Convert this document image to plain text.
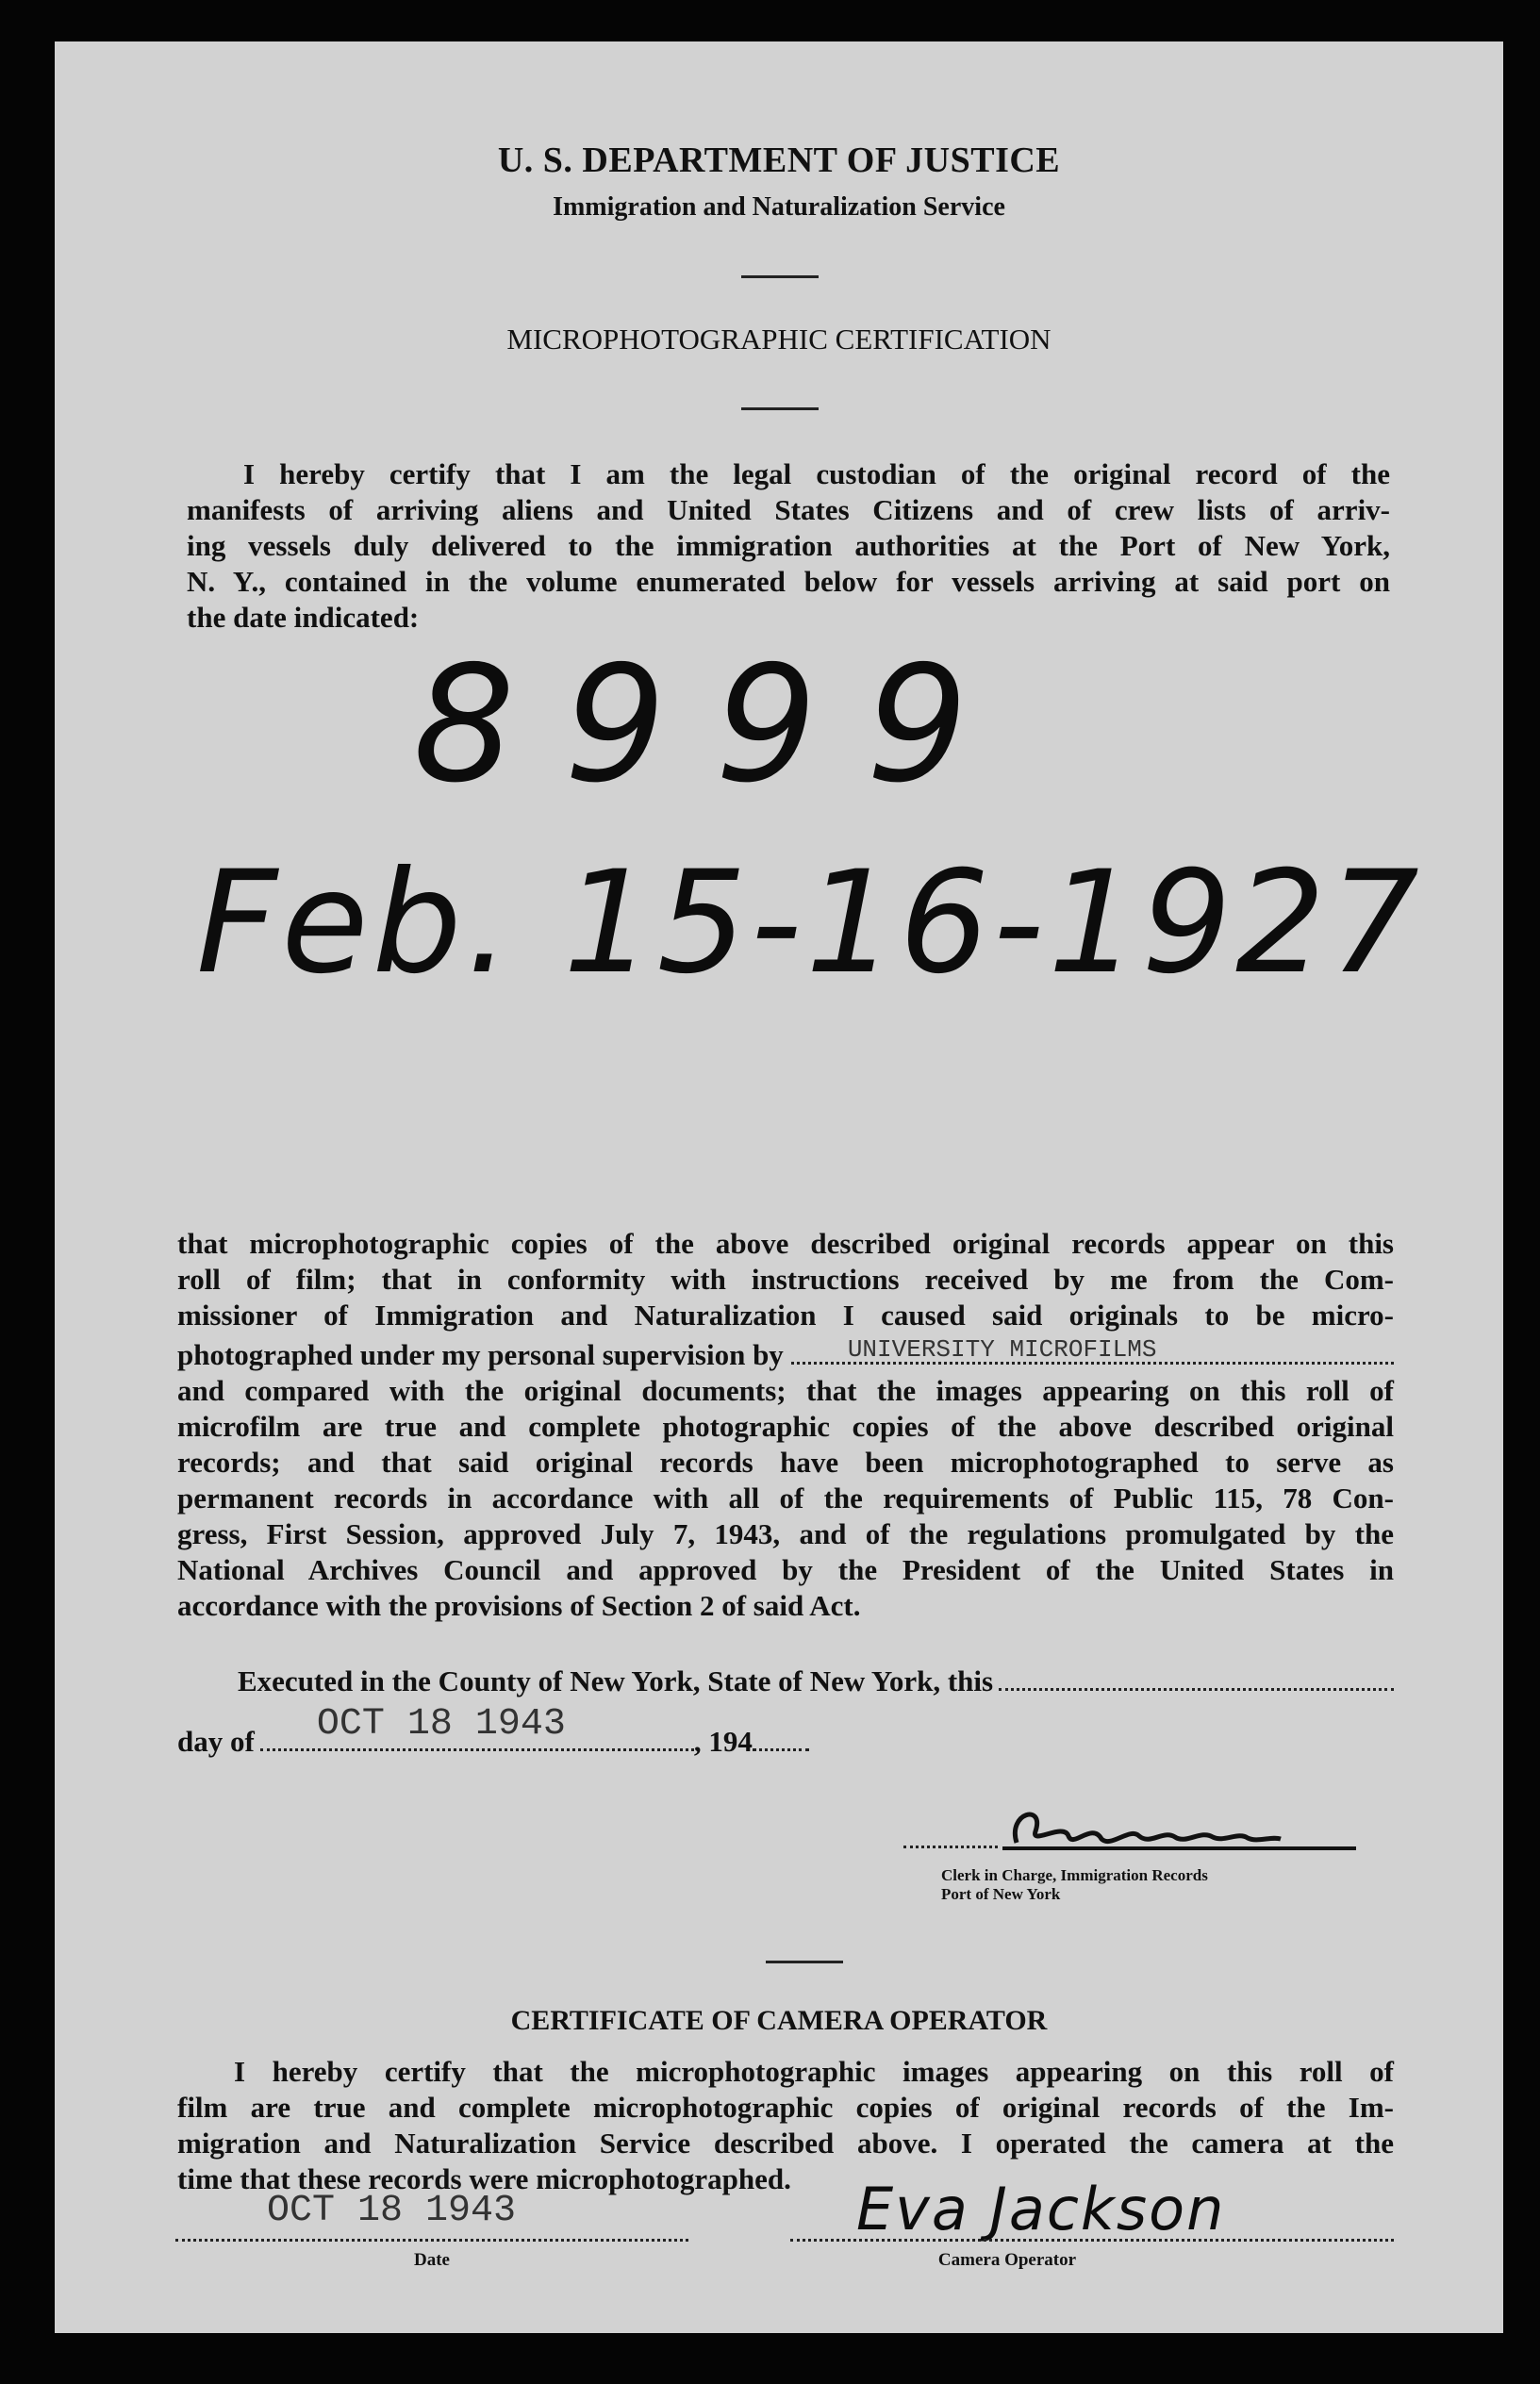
U. S. DEPARTMENT OF JUSTICE
Immigration and Naturalization Service
MICROPHOTOGRAPHIC CERTIFICATION
I hereby certify that I am the legal custodian of the original record of the
manifests of arriving aliens and United States Citizens and of crew lists of arriv-
ing vessels duly delivered to the immigration authorities at the Port of New York,
N. Y., contained in the volume enumerated below for vessels arriving at said port on
the date indicated:
8999
Feb. 15-16-1927
that microphotographic copies of the above described original records appear on this
roll of film; that in conformity with instructions received by me from the Com-
missioner of Immigration and Naturalization I caused said originals to be micro-
photographed under my personal supervision by	UNIVERSITY MICROFILMS
and compared with the original documents; that the images appearing on this roll of
microfilm are true and complete photographic copies of the above described original
records; and that said original records have been microphotographed to serve as
permanent records in accordance with all of the requirements of Public 115, 78 Con-
gress, First Session, approved July 7, 1943, and of the regulations promulgated by the
National Archives Council and approved by the President of the United States in
accordance with the provisions of Section 2 of said Act.
Executed in the County of New York, State of New York, this
day of OCT 18 1943	, 194
Clerk in Charge, Immigration Records
Port of New York
CERTIFICATE OF CAMERA OPERATOR
I hereby certify that the microphotographic images appearing on this roll of
film are true and complete microphotographic copies of original records of the Im-
migration and Naturalization Service described above. I operated the camera at the
time that these records were microphotographed.
OCT 18 1943
Date
Eva Jackson
Camera Operator
